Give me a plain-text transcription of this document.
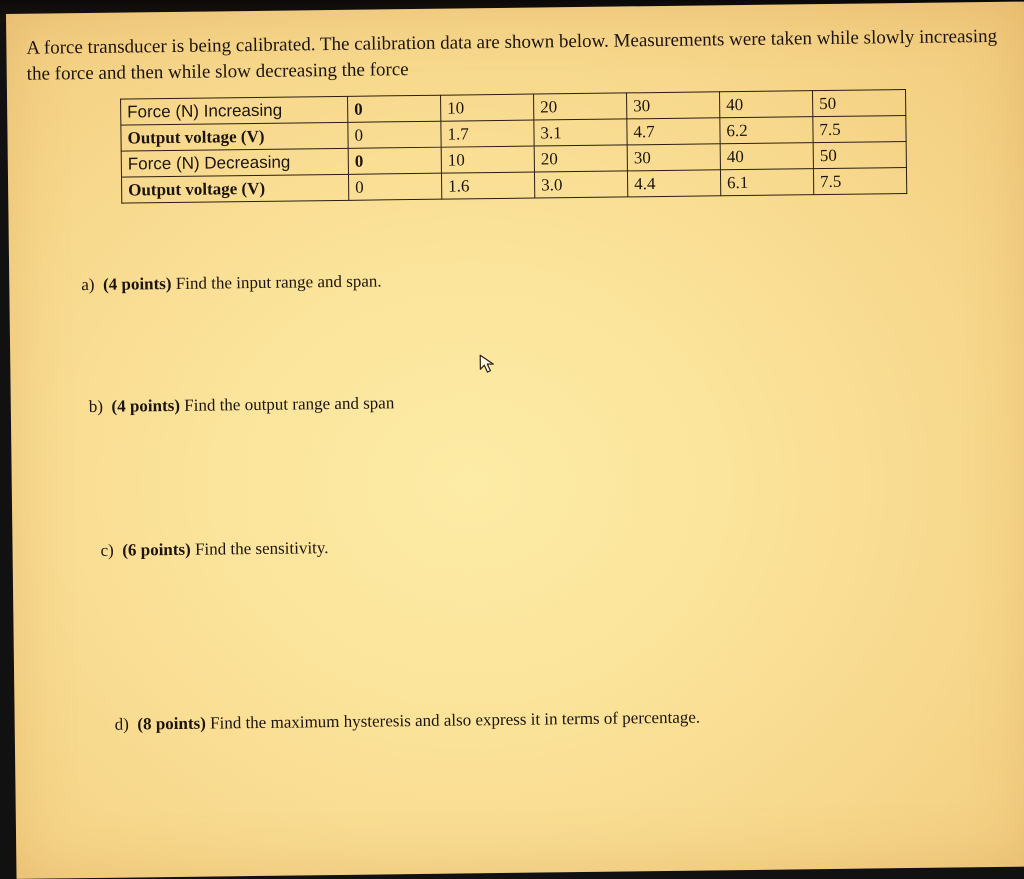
A force transducer is being calibrated. The calibration data are shown below. Measurements were taken while slowly increasing the force and then while slow decreasing the force

Force (N) Increasing	0	10	20	30	40	50
Output voltage (V)	0	1.7	3.1	4.7	6.2	7.5
Force (N) Decreasing	0	10	20	30	40	50
Output voltage (V)	0	1.6	3.0	4.4	6.1	7.5

a) (4 points) Find the input range and span.

b) (4 points) Find the output range and span

c) (6 points) Find the sensitivity.

d) (8 points) Find the maximum hysteresis and also express it in terms of percentage.
